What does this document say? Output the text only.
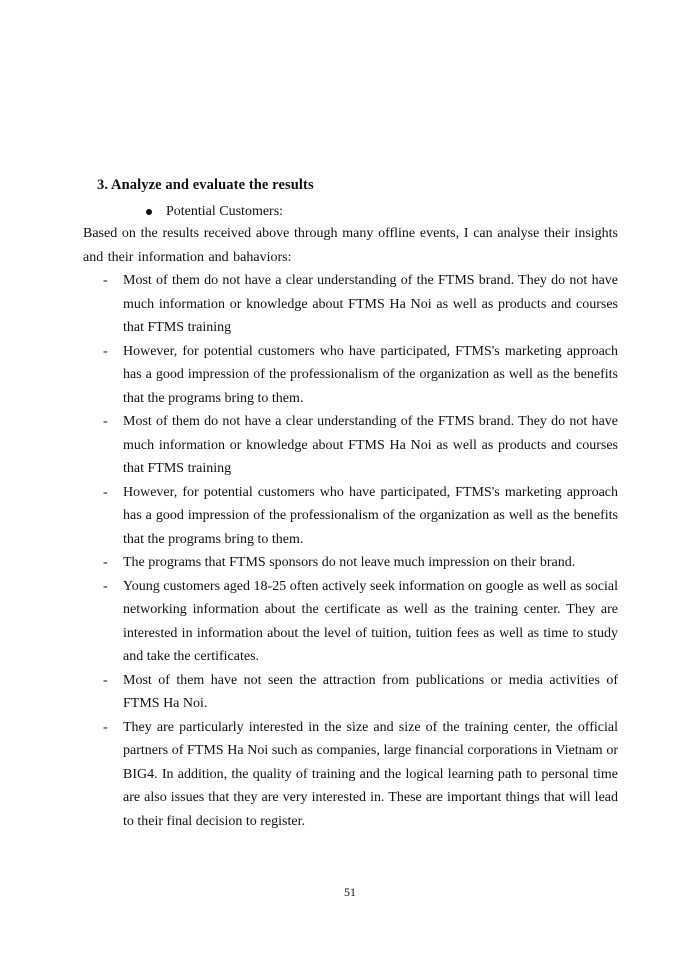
3. Analyze and evaluate the results
Potential Customers:
Based on the results received above through many offline events, I can analyse their insights and their information and bahaviors:
- Most of them do not have a clear understanding of the FTMS brand. They do not have much information or knowledge about FTMS Ha Noi as well as products and courses that FTMS training
- However, for potential customers who have participated, FTMS's marketing approach has a good impression of the professionalism of the organization as well as the benefits that the programs bring to them.
- Most of them do not have a clear understanding of the FTMS brand. They do not have much information or knowledge about FTMS Ha Noi as well as products and courses that FTMS training
- However, for potential customers who have participated, FTMS's marketing approach has a good impression of the professionalism of the organization as well as the benefits that the programs bring to them.
- The programs that FTMS sponsors do not leave much impression on their brand.
- Young customers aged 18-25 often actively seek information on google as well as social networking information about the certificate as well as the training center. They are interested in information about the level of tuition, tuition fees as well as time to study and take the certificates.
- Most of them have not seen the attraction from publications or media activities of FTMS Ha Noi.
- They are particularly interested in the size and size of the training center, the official partners of FTMS Ha Noi such as companies, large financial corporations in Vietnam or BIG4. In addition, the quality of training and the logical learning path to personal time are also issues that they are very interested in. These are important things that will lead to their final decision to register.
51
